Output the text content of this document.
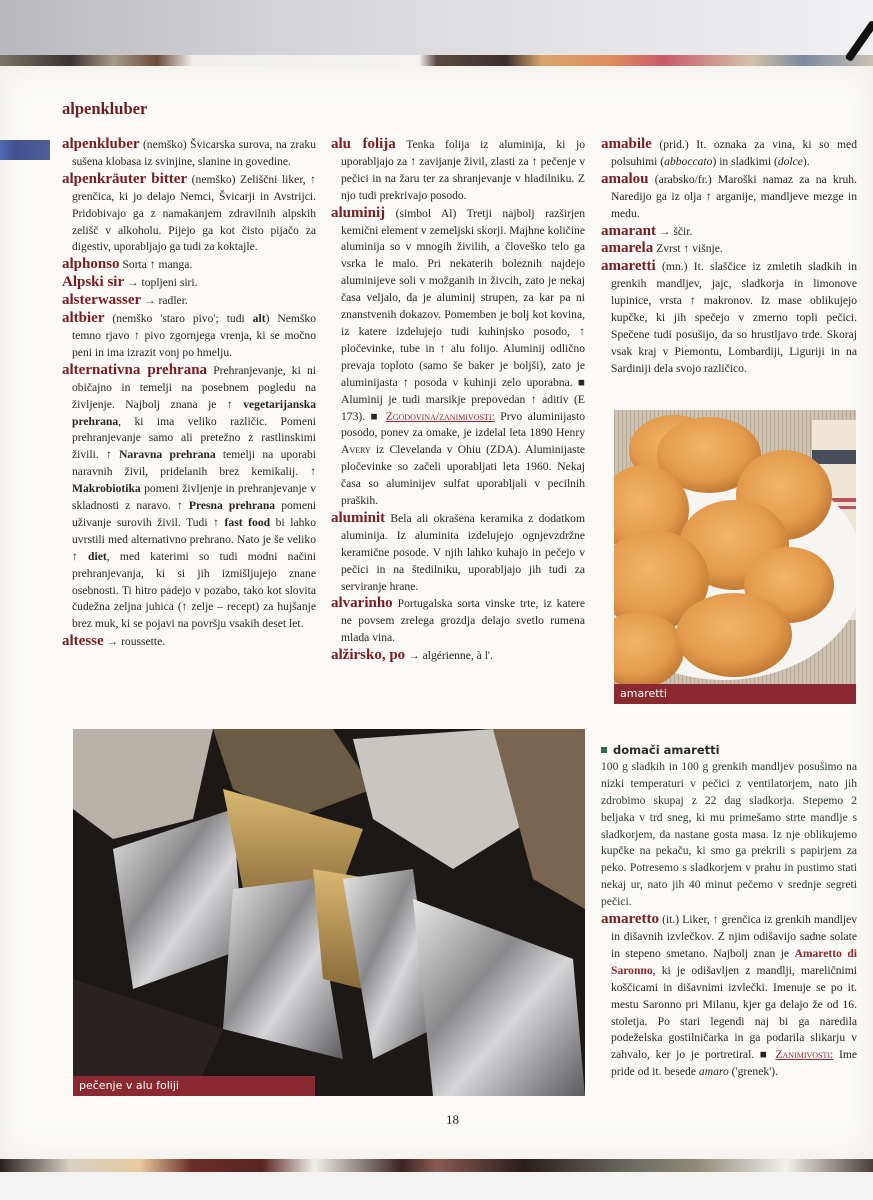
alpenkluber

alpenkluber (nemško) Švicarska surova, na zraku sušena klobasa iz svinjine, slanine in govedine.

alpenkräuter bitter (nemško) Zeliščni liker, ↑ grenčica, ki jo delajo Nemci, Švicarji in Avstrijci. Pridobivajo ga z namakanjem zdravilnih alpskih zelišč v alkoholu. Pijejo ga kot čisto pijačo za digestiv, uporabljajo ga tudi za koktajle.

alphonso Sorta ↑ manga.

Alpski sir → topljeni siri.

alsterwasser → radler.

altbier (nemško 'staro pivo'; tudi alt) Nemško temno rjavo ↑ pivo zgornjega vrenja, ki se močno peni in ima izrazit vonj po hmelju.

alternativna prehrana Prehranjevanje, ki ni običajno in temelji na posebnem pogledu na življenje. Najbolj znana je ↑ vegetarijanska prehrana, ki ima veliko različic. Pomeni prehranjevanje samo ali pretežno z rastlinskimi živili. ↑ Naravna prehrana temelji na uporabi naravnih živil, pridelanih brez kemikalij. ↑ Makrobiotika pomeni življenje in prehranjevanje v skladnosti z naravo. ↑ Presna prehrana pomeni uživanje surovih živil. Tudi ↑ fast food bi lahko uvrstili med alternativno prehrano. Nato je še veliko ↑ diet, med katerimi so tudi modni načini prehranjevanja, ki si jih izmišljujejo znane osebnosti. Ti hitro padejo v pozabo, tako kot slovita čudežna zeljna juhica (↑ zelje – recept) za hujšanje brez muk, ki se pojavi na površju vsakih deset let.

altesse → roussette.

alu folija Tenka folija iz aluminija, ki jo uporabljajo za ↑ zavijanje živil, zlasti za ↑ pečenje v pečici in na žaru ter za shranjevanje v hladilniku. Z njo tudi prekrivajo posodo.

aluminij (simbol Al) Tretji najbolj razširjen kemični element v zemeljski skorji. Majhne količine aluminija so v mnogih živilih, a človeško telo ga vsrka le malo. Pri nekaterih boleznih najdejo aluminijeve soli v možganih in živcih, zato je nekaj časa veljalo, da je aluminij strupen, za kar pa ni znanstvenih dokazov. Pomemben je bolj kot kovina, iz katere izdelujejo tudi kuhinjsko posodo, ↑ pločevinke, tube in ↑ alu folijo. Aluminij odlično prevaja toploto (samo še baker je boljši), zato je aluminijasta ↑ posoda v kuhinji zelo uporabna. ■ Aluminij je tudi marsikje prepovedan ↑ aditiv (E 173). ■ Zgodovina/zanimivosti: Prvo aluminijasto posodo, ponev za omake, je izdelal leta 1890 Henry Avery iz Clevelanda v Ohiu (ZDA). Aluminijaste pločevinke so začeli uporabljati leta 1960. Nekaj časa so aluminijev sulfat uporabljali v pecilnih praških.

aluminit Bela ali okrašena keramika z dodatkom aluminija. Iz aluminita izdelujejo ognjevzdržne keramične posode. V njih lahko kuhajo in pečejo v pečici in na štedilniku, uporabljajo jih tudi za serviranje hrane.

alvarinho Portugalska sorta vinske trte, iz katere ne povsem zrelega grozdja delajo svetlo rumena mlada vina.

alžirsko, po → algérienne, à l'.

amabile (prid.) It. oznaka za vina, ki so med polsuhimi (abboccato) in sladkimi (dolce).

amalou (arabsko/fr.) Maroški namaz za na kruh. Naredijo ga iz olja ↑ arganije, mandljeve mezge in medu.

amarant → ščir.

amarela Zvrst ↑ višnje.

amaretti (mn.) It. slaščice iz zmletih sladkih in grenkih mandljev, jajc, sladkorja in limonove lupinice, vrsta ↑ makronov. Iz mase oblikujejo kupčke, ki jih spečejo v zmerno topli pečici. Spečene tudi posušijo, da so hrustljavo trde. Skoraj vsak kraj v Piemontu, Lombardiji, Liguriji in na Sardiniji dela svojo različico.

amaretti
domači amaretti

100 g sladkih in 100 g grenkih mandljev posušimo na nizki temperaturi v pečici z ventilatorjem, nato jih zdrobimo skupaj z 22 dag sladkorja. Stepemo 2 beljaka v trd sneg, ki mu primešamo strte mandlje s sladkorjem, da nastane gosta masa. Iz nje oblikujemo kupčke na pekaču, ki smo ga prekrili s papirjem za peko. Potresemo s sladkorjem v prahu in pustimo stati nekaj ur, nato jih 40 minut pečemo v srednje segreti pečici.

amaretto (it.) Liker, ↑ grenčica iz grenkih mandljev in dišavnih izvlečkov. Z njim odišavijo sadne solate in stepeno smetano. Najbolj znan je Amaretto di Saronno, ki je odišavljen z mandlji, mareličnimi koščicami in dišavnimi izvlečki. Imenuje se po it. mestu Saronno pri Milanu, kjer ga delajo že od 16. stoletja. Po stari legendi naj bi ga naredila podeželska gostilničarka in ga podarila slikarju v zahvalo, ker jo je portretiral. ■ Zanimivosti: Ime pride od it. besede amaro ('grenek').

pečenje v alu foliji
18
